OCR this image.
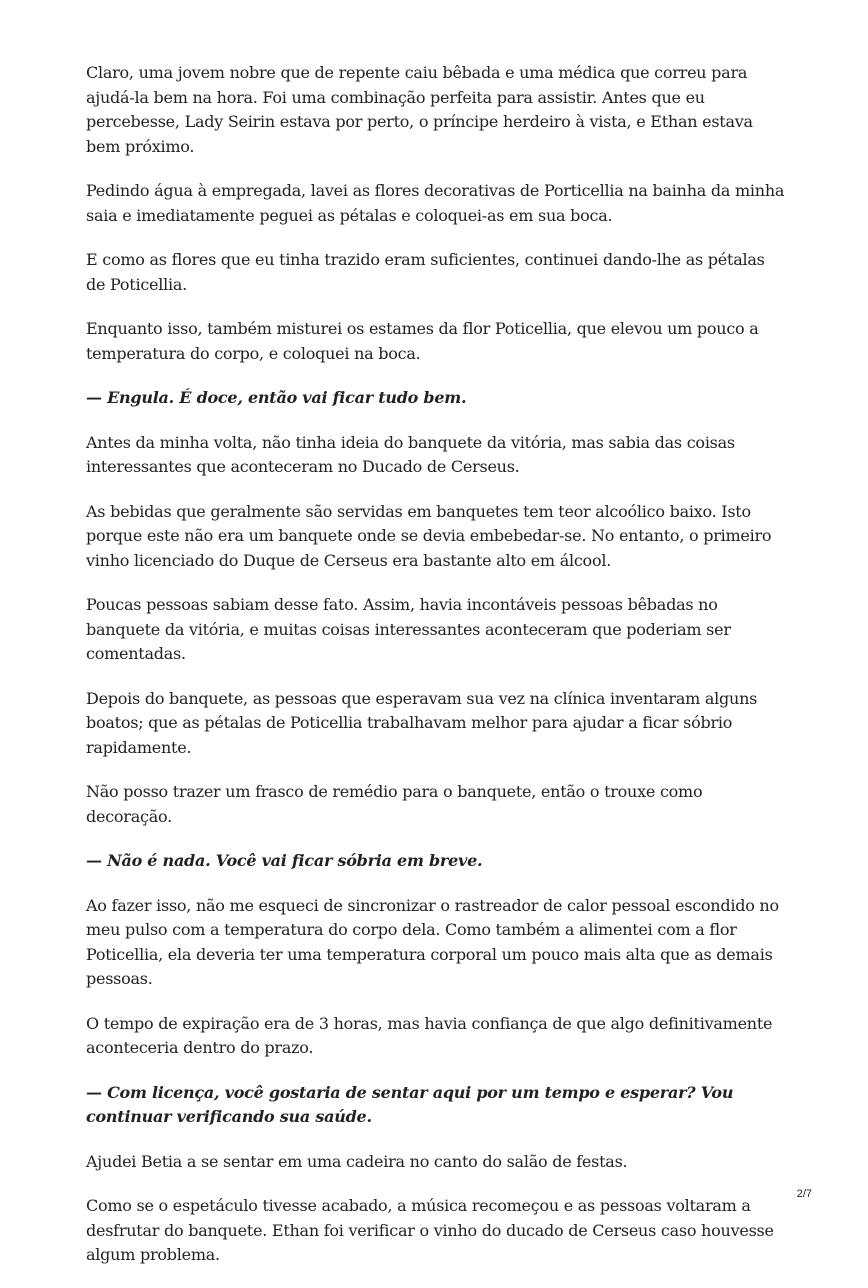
Claro, uma jovem nobre que de repente caiu bêbada e uma médica que correu para ajudá-la bem na hora. Foi uma combinação perfeita para assistir. Antes que eu percebesse, Lady Seirin estava por perto, o príncipe herdeiro à vista, e Ethan estava bem próximo.

Pedindo água à empregada, lavei as flores decorativas de Porticellia na bainha da minha saia e imediatamente peguei as pétalas e coloquei-as em sua boca.

E como as flores que eu tinha trazido eram suficientes, continuei dando-lhe as pétalas de Poticellia.

Enquanto isso, também misturei os estames da flor Poticellia, que elevou um pouco a temperatura do corpo, e coloquei na boca.

— Engula. É doce, então vai ficar tudo bem.

Antes da minha volta, não tinha ideia do banquete da vitória, mas sabia das coisas interessantes que aconteceram no Ducado de Cerseus.

As bebidas que geralmente são servidas em banquetes tem teor alcoólico baixo. Isto porque este não era um banquete onde se devia embebedar-se. No entanto, o primeiro vinho licenciado do Duque de Cerseus era bastante alto em álcool.

Poucas pessoas sabiam desse fato. Assim, havia incontáveis pessoas bêbadas no banquete da vitória, e muitas coisas interessantes aconteceram que poderiam ser comentadas.

Depois do banquete, as pessoas que esperavam sua vez na clínica inventaram alguns boatos; que as pétalas de Poticellia trabalhavam melhor para ajudar a ficar sóbrio rapidamente.

Não posso trazer um frasco de remédio para o banquete, então o trouxe como decoração.

— Não é nada. Você vai ficar sóbria em breve.

Ao fazer isso, não me esqueci de sincronizar o rastreador de calor pessoal escondido no meu pulso com a temperatura do corpo dela. Como também a alimentei com a flor Poticellia, ela deveria ter uma temperatura corporal um pouco mais alta que as demais pessoas.

O tempo de expiração era de 3 horas, mas havia confiança de que algo definitivamente aconteceria dentro do prazo.

— Com licença, você gostaria de sentar aqui por um tempo e esperar? Vou continuar verificando sua saúde.

Ajudei Betia a se sentar em uma cadeira no canto do salão de festas.

Como se o espetáculo tivesse acabado, a música recomeçou e as pessoas voltaram a desfrutar do banquete. Ethan foi verificar o vinho do ducado de Cerseus caso houvesse algum problema.

2/7
